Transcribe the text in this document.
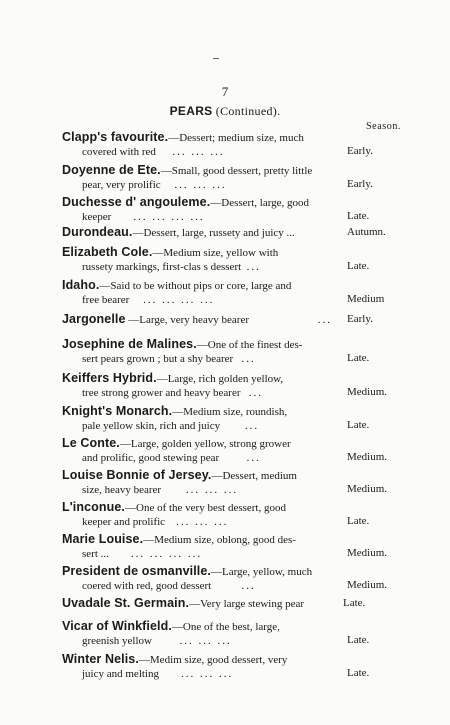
7
PEARS (Continued).
Season.
Clapp's favourite.—Dessert; medium size, much
covered with red ... ... ...	Early.
Doyenne de Ete.—Small, good dessert, pretty little
pear, very prolific ... ... ...	Early.
Duchesse d' angouleme.—Dessert, large, good
keeper ... ... ... ...	Late.
Durondeau.—Dessert, large, russety and juicy ...	Autumn.
Elizabeth Cole.—Medium size, yellow with
russety markings, first-clas s dessert ...	Late.
Idaho.—Said to be without pips or core, large and
free bearer ... ... ... ...	Medium
Jargonelle —Large, very heavy bearer	...	Early.
Josephine de Malines.—One of the finest des-
sert pears grown ; but a shy bearer ...	Late.
Keiffers Hybrid.—Large, rich golden yellow,
tree strong grower and heavy bearer ...	Medium.
Knight's Monarch.—Medium size, roundish,
pale yellow skin, rich and juicy ...	Late.
Le Conte.—Large, golden yellow, strong grower
and prolific, good stewing pear	...	Medium.
Louise Bonnie of Jersey.—Dessert, medium
size, heavy bearer ... ... ...	Medium.
L'inconue.—One of the very best dessert, good
keeper and prolific ... ... ...	Late.
Marie Louise.—Medium size, oblong, good des-
sert ... ... ... ... ...	Medium.
President de osmanville.—Large, yellow, much
co​ered with red, good dessert	...	Medium.
Uvadale St. Germain.—Very large stewing pear	Late.
Vicar of Winkfield.—One of the best, large,
greenish yellow	... ... ...	Late.
Winter Nelis.—Medi​m size, good dessert, very
juicy and melting ... ... ...	Late.
